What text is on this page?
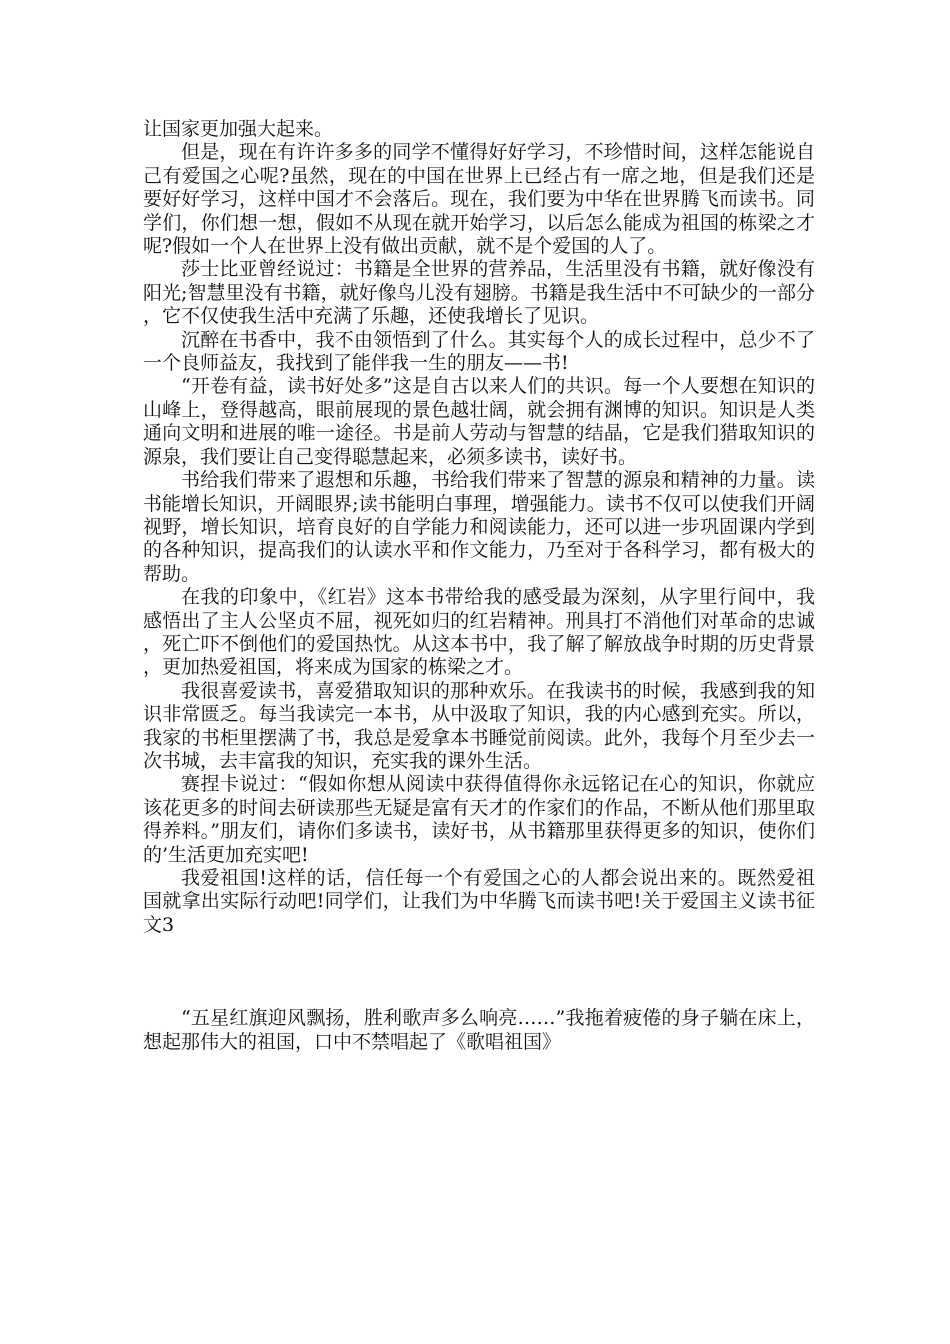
让国家更加强大起来。

但是，现在有许许多多的同学不懂得好好学习，不珍惜时间，这样怎能说自己有爱国之心呢?虽然，现在的中国在世界上已经占有一席之地，但是我们还是要好好学习，这样中国才不会落后。现在，我们要为中华在世界腾飞而读书。同学们，你们想一想，假如不从现在就开始学习，以后怎么能成为祖国的栋梁之才呢?假如一个人在世界上没有做出贡献，就不是个爱国的人了。

莎士比亚曾经说过：书籍是全世界的营养品，生活里没有书籍，就好像没有阳光;智慧里没有书籍，就好像鸟儿没有翅膀。书籍是我生活中不可缺少的一部分，它不仅使我生活中充满了乐趣，还使我增长了见识。

沉醉在书香中，我不由领悟到了什么。其实每个人的成长过程中，总少不了一个良师益友，我找到了能伴我一生的朋友——书!

“开卷有益，读书好处多”这是自古以来人们的共识。每一个人要想在知识的山峰上，登得越高，眼前展现的景色越壮阔，就会拥有渊博的知识。知识是人类通向文明和进展的唯一途径。书是前人劳动与智慧的结晶，它是我们猎取知识的源泉，我们要让自己变得聪慧起来，必须多读书，读好书。

书给我们带来了遐想和乐趣，书给我们带来了智慧的源泉和精神的力量。读书能增长知识，开阔眼界;读书能明白事理，增强能力。读书不仅可以使我们开阔视野，增长知识，培育良好的自学能力和阅读能力，还可以进一步巩固课内学到的各种知识，提高我们的认读水平和作文能力，乃至对于各科学习，都有极大的帮助。

在我的印象中，《红岩》这本书带给我的感受最为深刻，从字里行间中，我感悟出了主人公坚贞不屈，视死如归的红岩精神。刑具打不消他们对革命的忠诚，死亡吓不倒他们的爱国热忱。从这本书中，我了解了解放战争时期的历史背景，更加热爱祖国，将来成为国家的栋梁之才。

我很喜爱读书，喜爱猎取知识的那种欢乐。在我读书的时候，我感到我的知识非常匮乏。每当我读完一本书，从中汲取了知识，我的内心感到充实。所以，我家的书柜里摆满了书，我总是爱拿本书睡觉前阅读。此外，我每个月至少去一次书城，去丰富我的知识，充实我的课外生活。

赛捏卡说过：“假如你想从阅读中获得值得你永远铭记在心的知识，你就应该花更多的时间去研读那些无疑是富有天才的作家们的作品，不断从他们那里取得养料。”朋友们，请你们多读书，读好书，从书籍那里获得更多的知识，使你们的’生活更加充实吧!

我爱祖国!这样的话，信任每一个有爱国之心的人都会说出来的。既然爱祖国就拿出实际行动吧!同学们，让我们为中华腾飞而读书吧!关于爱国主义读书征文3

“五星红旗迎风飘扬，胜利歌声多么响亮……”我拖着疲倦的身子躺在床上，想起那伟大的祖国，口中不禁唱起了《歌唱祖国》
